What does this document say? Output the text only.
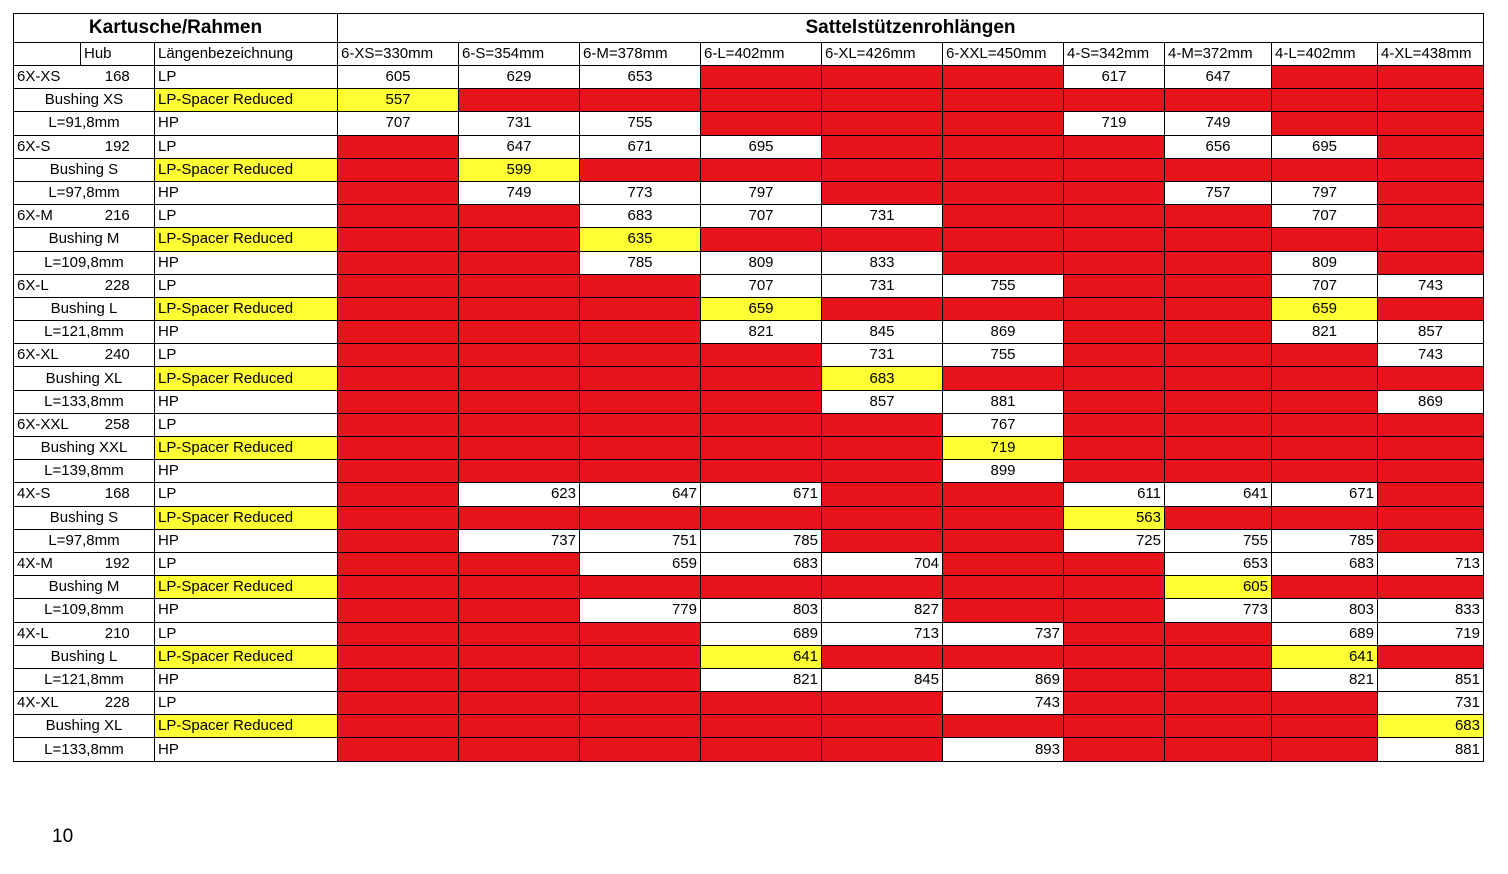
Kartusche/Rahmen			Sattelstützenrohlängen									
	Hub	Längenbezeichnung	6-XS=330mm	6-S=354mm	6-M=378mm	6-L=402mm	6-XL=426mm	6-XXL=450mm	4-S=342mm	4-M=372mm	4-L=402mm	4-XL=438mm
6X-XS	168	LP	605	629	653				617	647		
Bushing XS		LP-Spacer Reduced	557									
L=91,8mm		HP	707	731	755				719	749		
6X-S	192	LP		647	671	695				656	695	
Bushing S		LP-Spacer Reduced		599								
L=97,8mm		HP		749	773	797				757	797	
6X-M	216	LP			683	707	731				707	
Bushing M		LP-Spacer Reduced			635							
L=109,8mm		HP			785	809	833				809	
6X-L	228	LP				707	731	755			707	743
Bushing L		LP-Spacer Reduced				659					659	
L=121,8mm		HP				821	845	869			821	857
6X-XL	240	LP					731	755				743
Bushing XL		LP-Spacer Reduced					683					
L=133,8mm		HP					857	881				869
6X-XXL	258	LP						767				
Bushing XXL		LP-Spacer Reduced						719				
L=139,8mm		HP						899				
4X-S	168	LP		623	647	671			611	641	671	
Bushing S		LP-Spacer Reduced							563			
L=97,8mm		HP		737	751	785			725	755	785	
4X-M	192	LP			659	683	704			653	683	713
Bushing M		LP-Spacer Reduced								605		
L=109,8mm		HP			779	803	827			773	803	833
4X-L	210	LP				689	713	737			689	719
Bushing L		LP-Spacer Reduced				641					641	
L=121,8mm		HP				821	845	869			821	851
4X-XL	228	LP						743				731
Bushing XL		LP-Spacer Reduced										683
L=133,8mm		HP						893				881
10
